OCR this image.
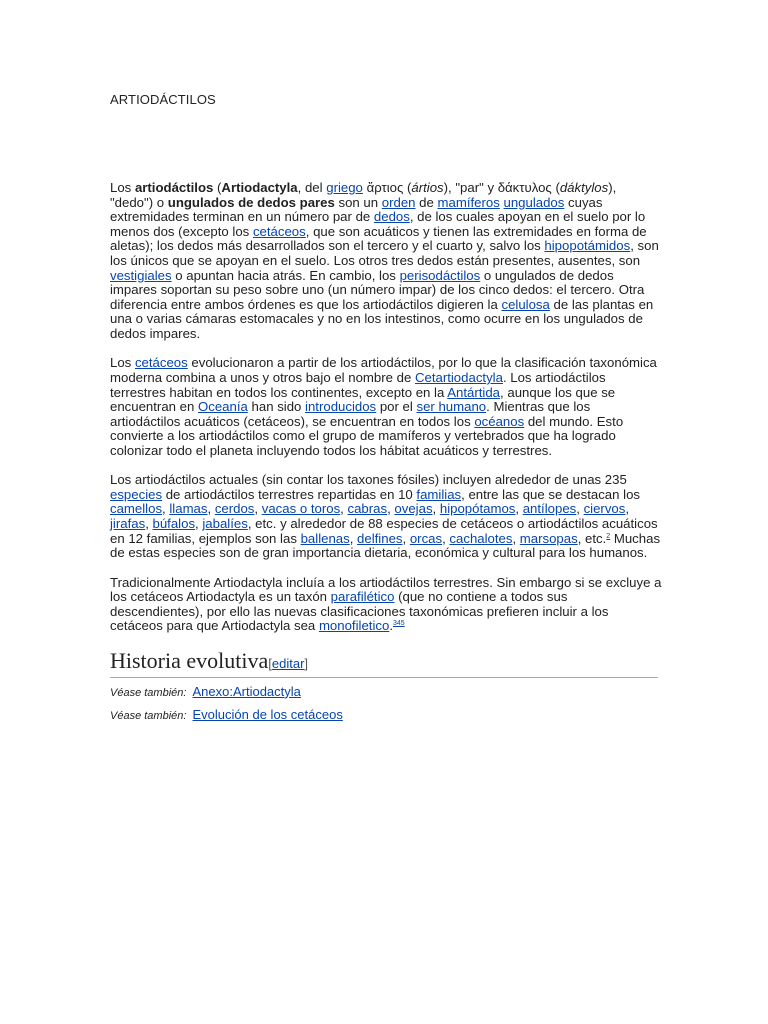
ARTIODÁCTILOS

Los artiodáctilos (Artiodactyla, del griego ἄρτιος (ártios), "par" y δάκτυλος (dáktylos), "dedo") o ungulados de dedos pares son un orden de mamíferos ungulados cuyas extremidades terminan en un número par de dedos, de los cuales apoyan en el suelo por lo menos dos (excepto los cetáceos, que son acuáticos y tienen las extremidades en forma de aletas); los dedos más desarrollados son el tercero y el cuarto y, salvo los hipopotámidos, son los únicos que se apoyan en el suelo. Los otros tres dedos están presentes, ausentes, son vestigiales o apuntan hacia atrás. En cambio, los perisodáctilos o ungulados de dedos impares soportan su peso sobre uno (un número impar) de los cinco dedos: el tercero. Otra diferencia entre ambos órdenes es que los artiodáctilos digieren la celulosa de las plantas en una o varias cámaras estomacales y no en los intestinos, como ocurre en los ungulados de dedos impares.

Los cetáceos evolucionaron a partir de los artiodáctilos, por lo que la clasificación taxonómica moderna combina a unos y otros bajo el nombre de Cetartiodactyla. Los artiodáctilos terrestres habitan en todos los continentes, excepto en la Antártida, aunque los que se encuentran en Oceanía han sido introducidos por el ser humano. Mientras que los artiodáctilos acuáticos (cetáceos), se encuentran en todos los océanos del mundo. Esto convierte a los artiodáctilos como el grupo de mamíferos y vertebrados que ha logrado colonizar todo el planeta incluyendo todos los hábitat acuáticos y terrestres.

Los artiodáctilos actuales (sin contar los taxones fósiles) incluyen alrededor de unas 235 especies de artiodáctilos terrestres repartidas en 10 familias, entre las que se destacan los camellos, llamas, cerdos, vacas o toros, cabras, ovejas, hipopótamos, antílopes, ciervos, jirafas, búfalos, jabalíes, etc. y alrededor de 88 especies de cetáceos o artiodáctilos acuáticos en 12 familias, ejemplos son las ballenas, delfines, orcas, cachalotes, marsopas, etc.$^2$ Muchas de estas especies son de gran importancia dietaria, económica y cultural para los humanos.

Tradicionalmente Artiodactyla incluía a los artiodáctilos terrestres. Sin embargo si se excluye a los cetáceos Artiodactyla es un taxón parafilético (que no contiene a todos sus descendientes), por ello las nuevas clasificaciones taxonómicas prefieren incluir a los cetáceos para que Artiodactyla sea monofiletico.$^{345}$

Historia evolutiva[editar]
Véase también: Anexo:Artiodactyla
Véase también: Evolución de los cetáceos
